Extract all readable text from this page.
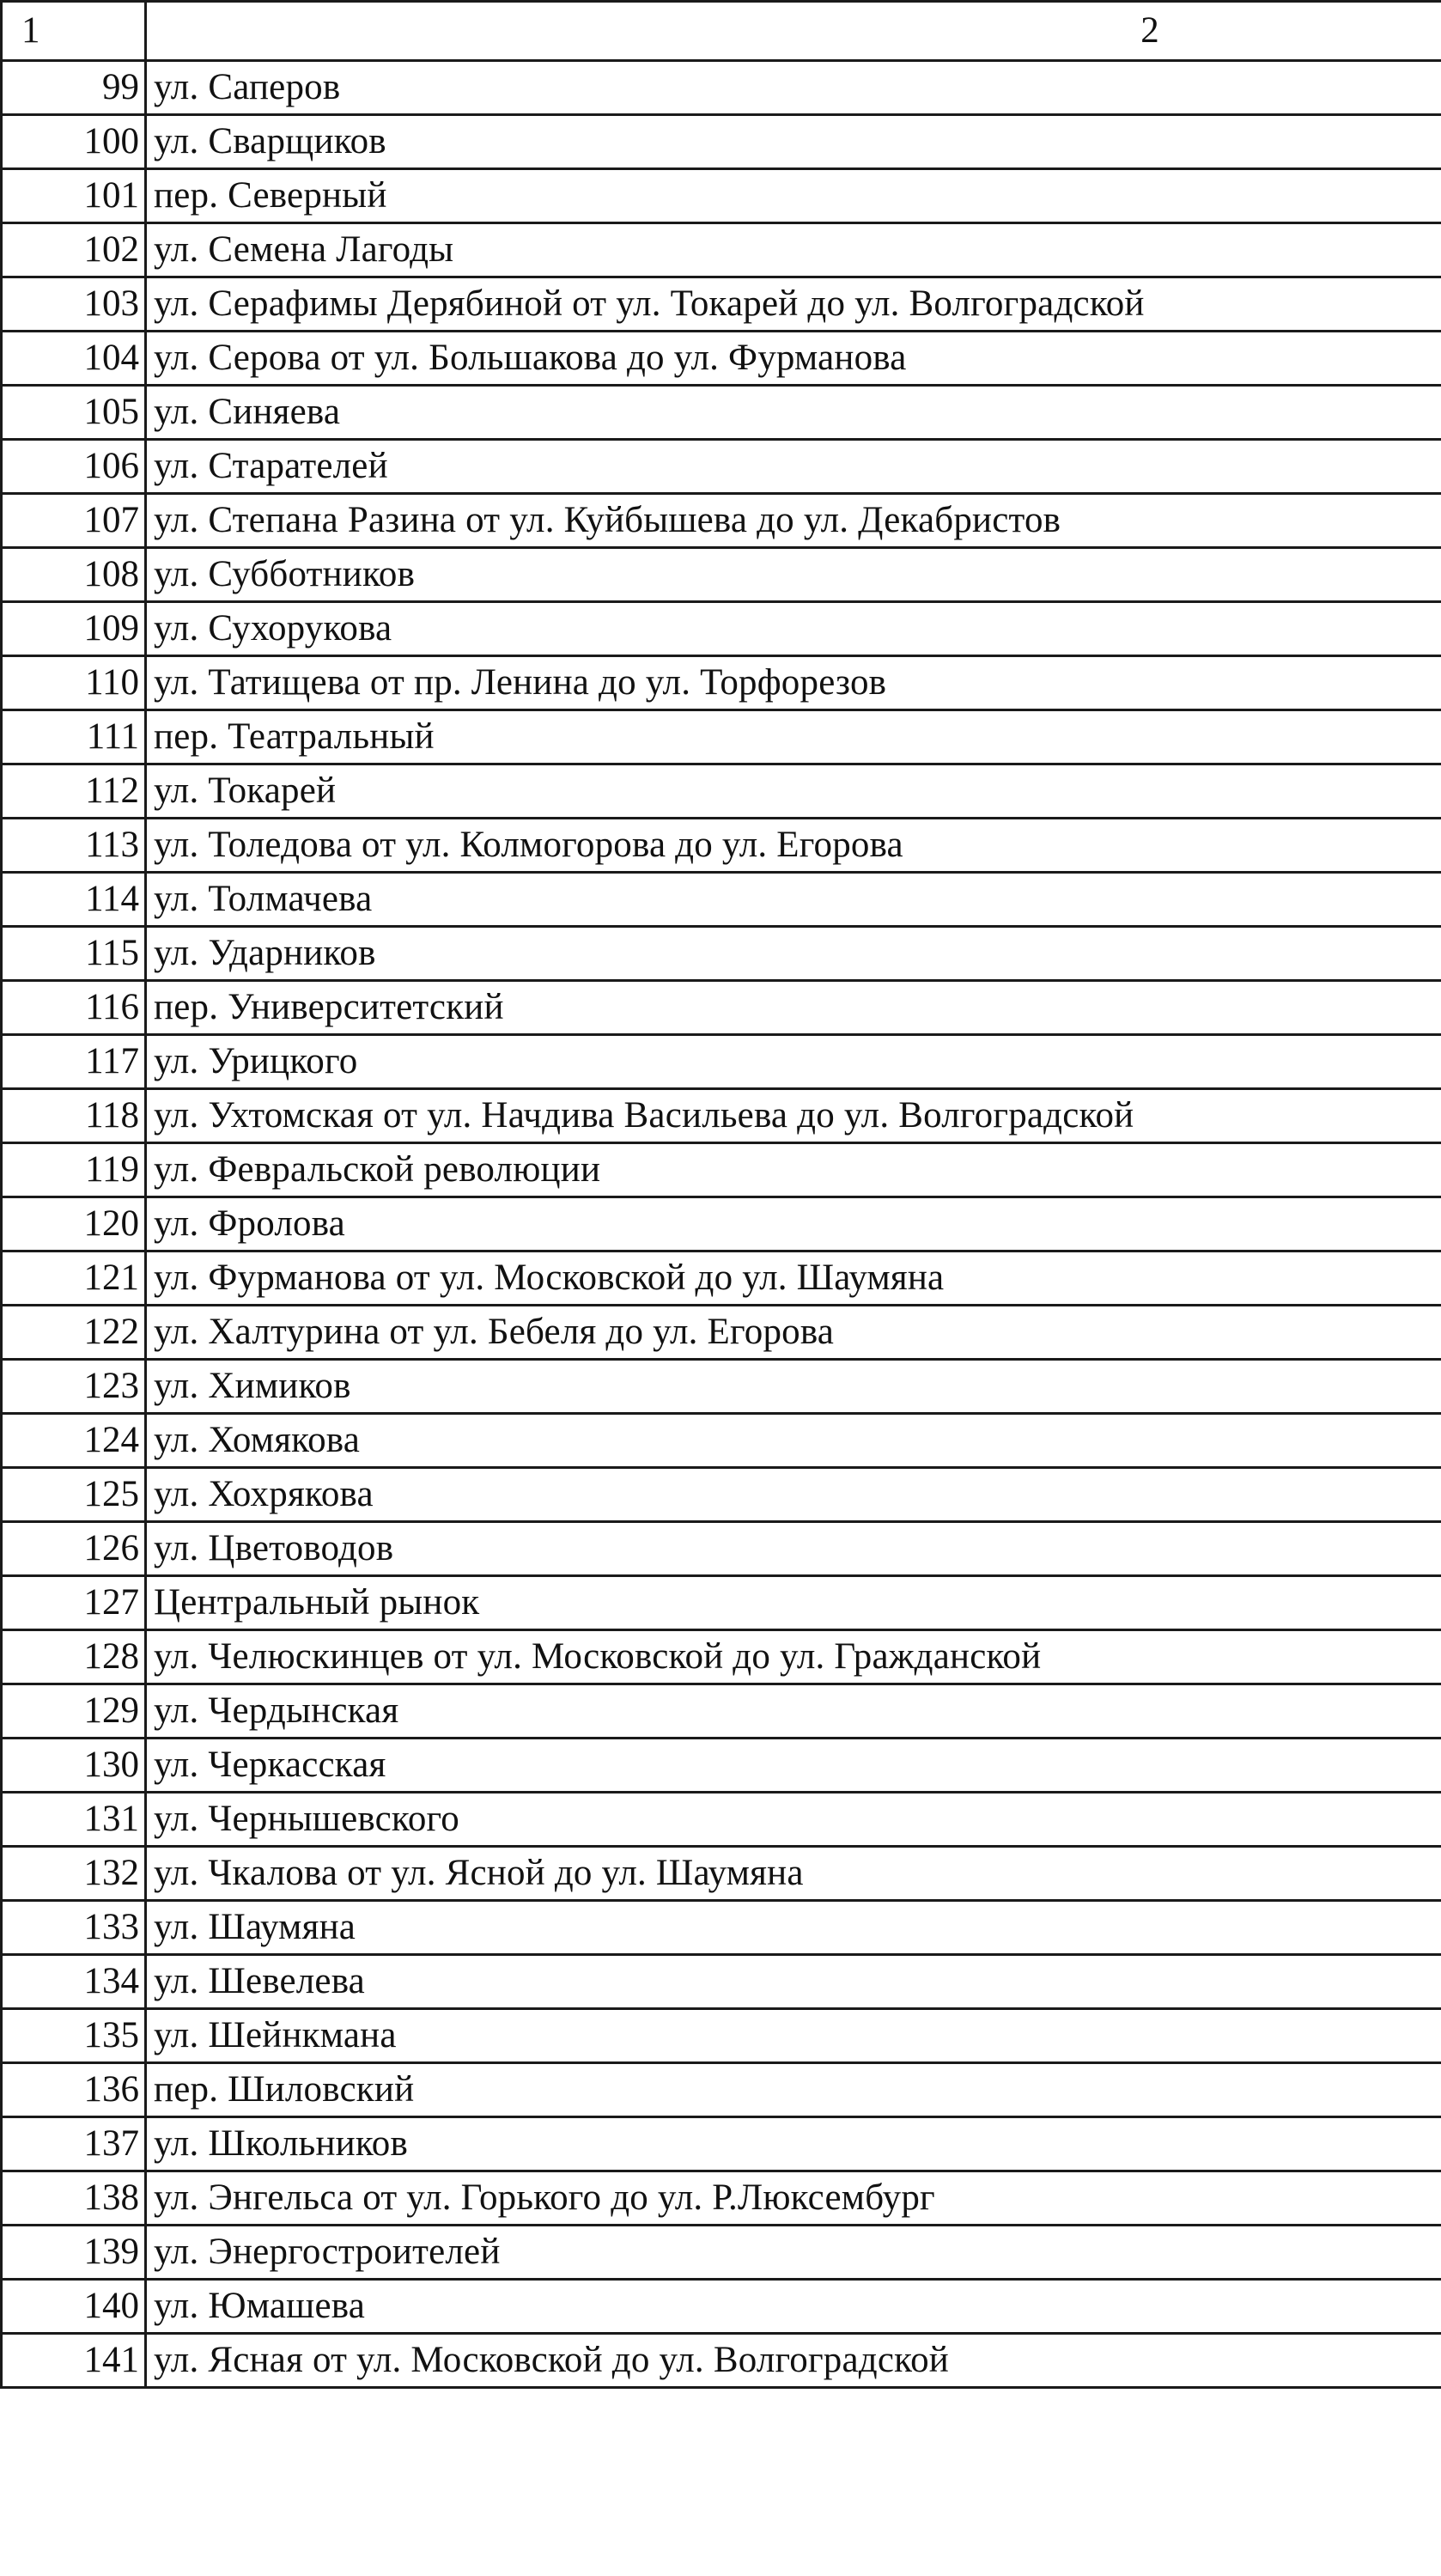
1	2
99	ул. Саперов
100	ул. Сварщиков
101	пер. Северный
102	ул. Семена Лагоды
103	ул. Серафимы Дерябиной от ул. Токарей до ул. Волгоградской
104	ул. Серова от ул. Большакова до ул. Фурманова
105	ул. Синяева
106	ул. Старателей
107	ул. Степана Разина от ул. Куйбышева до ул. Декабристов
108	ул. Субботников
109	ул. Сухорукова
110	ул. Татищева от пр. Ленина до ул. Торфорезов
111	пер. Театральный
112	ул. Токарей
113	ул. Толедова от ул. Колмогорова до ул. Егорова
114	ул. Толмачева
115	ул. Ударников
116	пер. Университетский
117	ул. Урицкого
118	ул. Ухтомская от ул. Начдива Васильева до ул. Волгоградской
119	ул. Февральской революции
120	ул. Фролова
121	ул. Фурманова от ул. Московской до ул. Шаумяна
122	ул. Халтурина от ул. Бебеля до ул. Егорова
123	ул. Химиков
124	ул. Хомякова
125	ул. Хохрякова
126	ул. Цветоводов
127	Центральный рынок
128	ул. Челюскинцев от ул. Московской до ул. Гражданской
129	ул. Чердынская
130	ул. Черкасская
131	ул. Чернышевского
132	ул. Чкалова от ул. Ясной до ул. Шаумяна
133	ул. Шаумяна
134	ул. Шевелева
135	ул. Шейнкмана
136	пер. Шиловский
137	ул. Школьников
138	ул. Энгельса от ул. Горького до ул. Р.Люксембург
139	ул. Энергостроителей
140	ул. Юмашева
141	ул. Ясная от ул. Московской до ул. Волгоградской
